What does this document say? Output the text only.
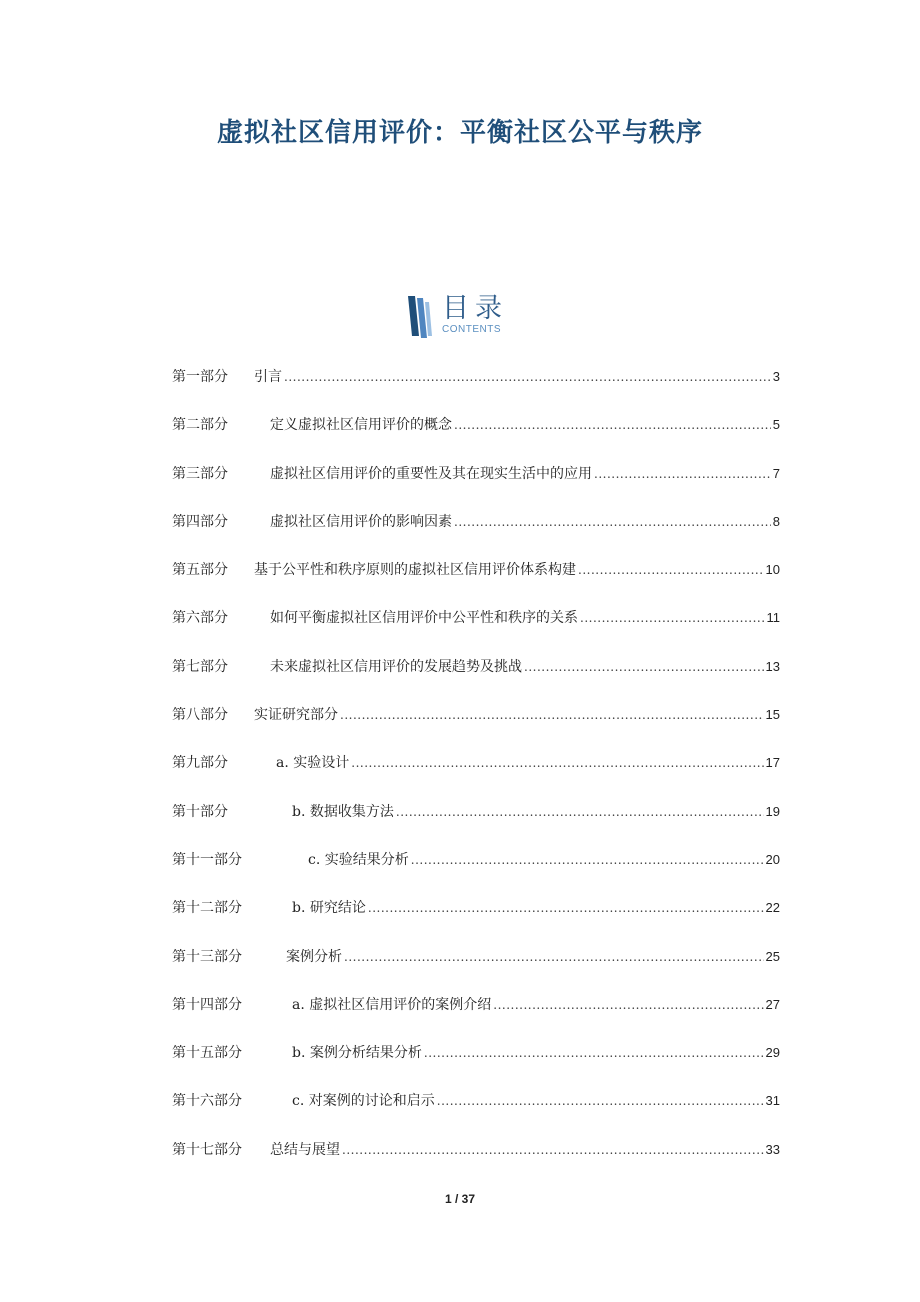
虚拟社区信用评价：平衡社区公平与秩序
目录
CONTENTS
第一部分	引言 .....	3
第二部分	定义虚拟社区信用评价的概念 .....	5
第三部分	虚拟社区信用评价的重要性及其在现实生活中的应用 .....	7
第四部分	虚拟社区信用评价的影响因素 .....	8
第五部分	基于公平性和秩序原则的虚拟社区信用评价体系构建 .....	10
第六部分	如何平衡虚拟社区信用评价中公平性和秩序的关系 .....	11
第七部分	未来虚拟社区信用评价的发展趋势及挑战 .....	13
第八部分	实证研究部分 .....	15
第九部分	a. 实验设计 .....	17
第十部分	b. 数据收集方法 .....	19
第十一部分	c. 实验结果分析 .....	20
第十二部分	b. 研究结论 .....	22
第十三部分	案例分析 .....	25
第十四部分	a. 虚拟社区信用评价的案例介绍 .....	27
第十五部分	b. 案例分析结果分析 .....	29
第十六部分	c. 对案例的讨论和启示 .....	31
第十七部分	总结与展望 .....	33
1 / 37
